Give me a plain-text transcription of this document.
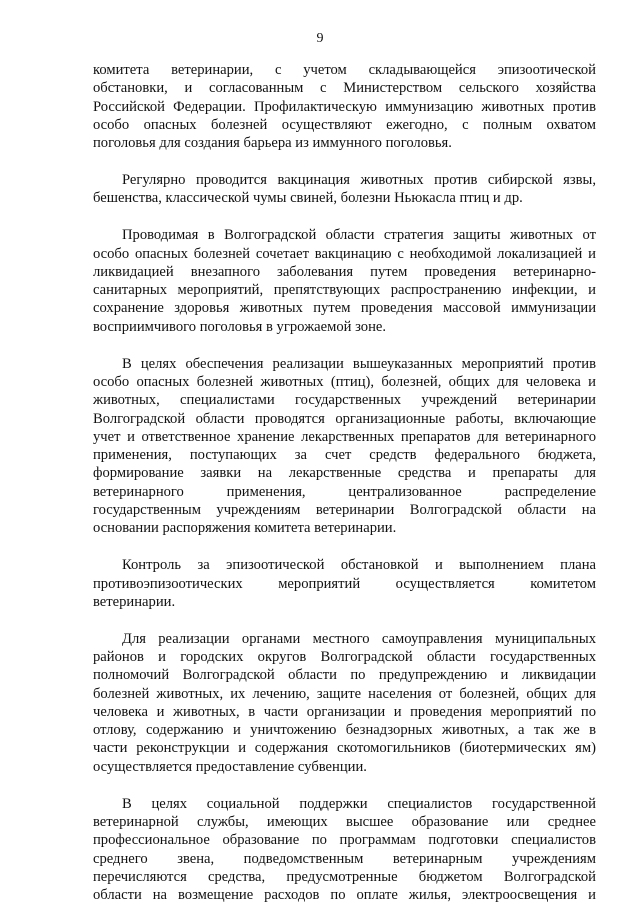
9
комитета ветеринарии, с учетом складывающейся эпизоотической
обстановки, и согласованным с Министерством сельского хозяйства
Российской Федерации. Профилактическую иммунизацию животных против
особо опасных болезней осуществляют ежегодно, с полным охватом
поголовья для создания барьера из иммунного поголовья.
Регулярно проводится вакцинация животных против сибирской язвы,
бешенства, классической чумы свиней, болезни Ньюкасла птиц и др.
Проводимая в Волгоградской области стратегия защиты животных от
особо опасных болезней сочетает вакцинацию с необходимой локализацией и
ликвидацией внезапного заболевания путем проведения ветеринарно-
санитарных мероприятий, препятствующих распространению инфекции, и
сохранение здоровья животных путем проведения массовой иммунизации
восприимчивого поголовья в угрожаемой зоне.
В целях обеспечения реализации вышеуказанных мероприятий против
особо опасных болезней животных (птиц), болезней, общих для человека и
животных, специалистами государственных учреждений ветеринарии
Волгоградской области проводятся организационные работы, включающие
учет и ответственное хранение лекарственных препаратов для ветеринарного
применения, поступающих за счет средств федерального бюджета,
формирование заявки на лекарственные средства и препараты для
ветеринарного применения, централизованное распределение
государственным учреждениям ветеринарии Волгоградской области на
основании распоряжения комитета ветеринарии.
Контроль за эпизоотической обстановкой и выполнением плана
противоэпизоотических мероприятий осуществляется комитетом
ветеринарии.
Для реализации органами местного самоуправления муниципальных
районов и городских округов Волгоградской области государственных
полномочий Волгоградской области по предупреждению и ликвидации
болезней животных, их лечению, защите населения от болезней, общих для
человека и животных, в части организации и проведения мероприятий по
отлову, содержанию и уничтожению безнадзорных животных, а так же в
части реконструкции и содержания скотомогильников (биотермических ям)
осуществляется предоставление субвенции.
В целях социальной поддержки специалистов государственной
ветеринарной службы, имеющих высшее образование или среднее
профессиональное образование по программам подготовки специалистов
среднего звена, подведомственным ветеринарным учреждениям
перечисляются средства, предусмотренные бюджетом Волгоградской
области на возмещение расходов по оплате жилья, электроосвещения и
